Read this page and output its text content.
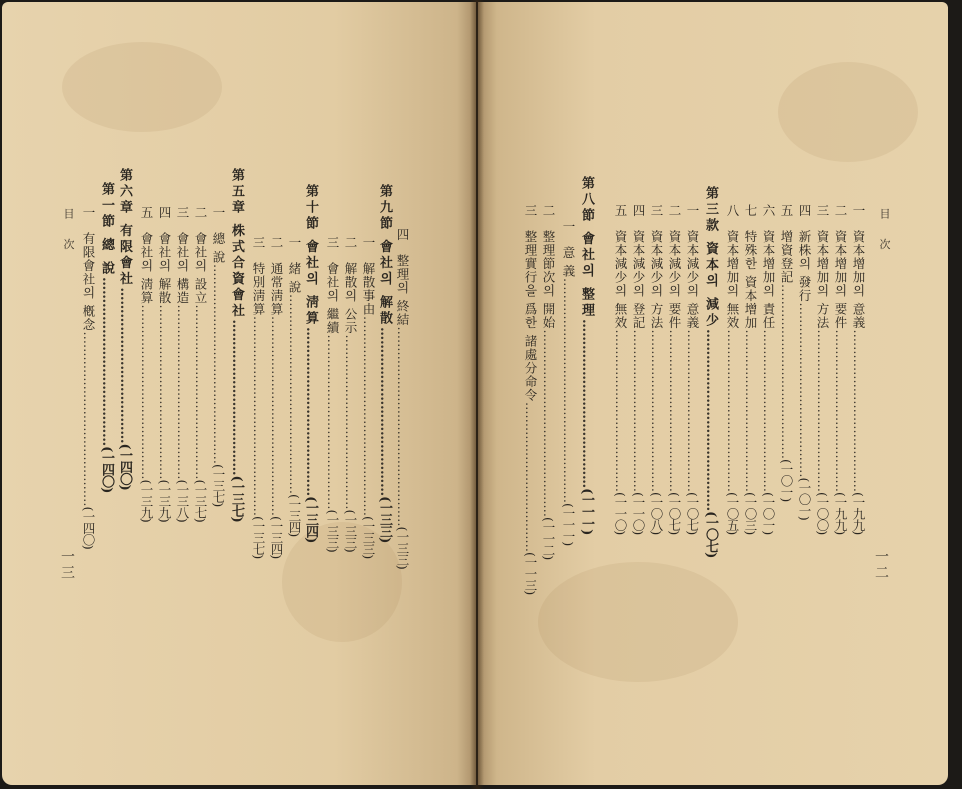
目 次
一三
四　整理의 終結…………………………………………(一三三)
第九節 會社의 解散…………………………………(一三三)
一　解散事由…………………………………………(一三三)
二　解散의 公示……………………………………(一三三)
三　會社의 繼續……………………………………(一三三)
第十節 會社의 淸算…………………………………(一三四)
一　緒 說…………………………………………(一三四)
二　通常淸算…………………………………………(一三四)
三　特別淸算…………………………………………(一三七)
第五章 株式合資會社………………………………(一三七)
一　總 說…………………………………………(一三七)
二　會社의 設立……………………………………(一三七)
三　會社의 構造……………………………………(一三八)
四　會社의 解散……………………………………(一三九)
五　會社의 淸算……………………………………(一三九)
第六章 有限會社………………………………(一四〇)
第一節 總 說…………………………………(一四〇)
一　有限會社의 槪念……………………………………(一四〇)
目 次
一二
一　資本增加의 意義…………………………………(一九九)
二　資本增加의 要件…………………………………(一九九)
三　資本增加의 方法…………………………………(一〇〇)
四　新株의 發行……………………………………(一〇一)
五　增資登記……………………………………(一〇一)
六　資本增加의 責任…………………………………(一〇一)
七　特殊한 資本增加…………………………………(一〇三)
八　資本增加의 無效…………………………………(一〇五)
第三款 資本의 減少……………………………………(一〇七)
一　資本減少의 意義…………………………………(一〇七)
二　資本減少의 要件…………………………………(一〇七)
三　資本減少의 方法…………………………………(一〇八)
四　資本減少의 登記…………………………………(一一〇)
五　資本減少의 無效…………………………………(一一〇)
第八節 會社의 整理…………………………………(一一一)
一　意 義………………………………………………(一一一)
二　整理節次의 開始………………………………………(一一二)
三　整理實行을 爲한 諸處分命令………………………………(一一三)
